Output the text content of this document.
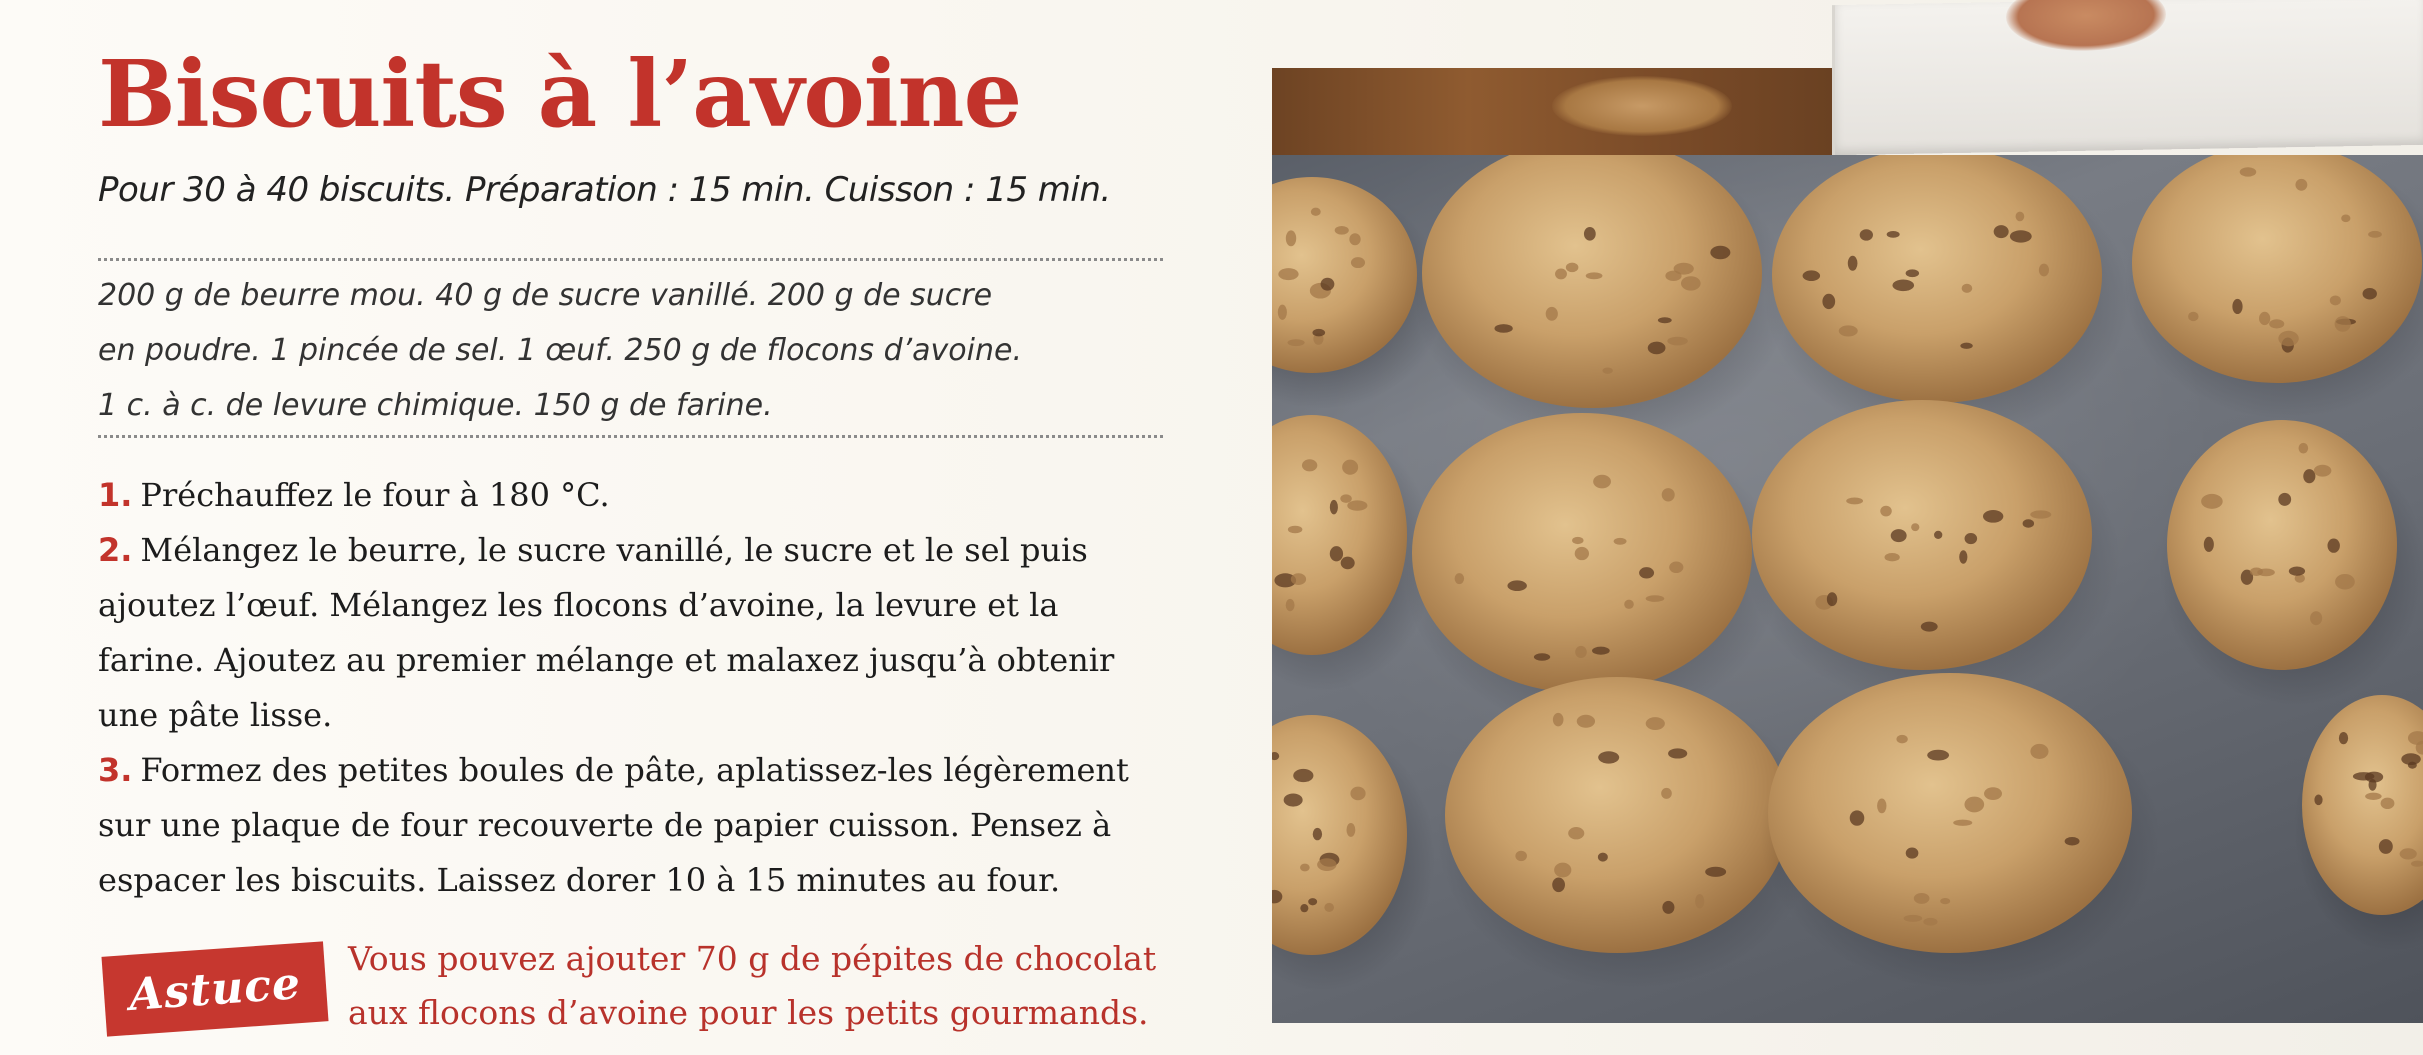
Biscuits à l’avoine
Pour 30 à 40 biscuits. Préparation : 15 min. Cuisson : 15 min.
200 g de beurre mou. 40 g de sucre vanillé. 200 g de sucre
en poudre. 1 pincée de sel. 1 œuf. 250 g de flocons d’avoine.
1 c. à c. de levure chimique. 150 g de farine.
1. Préchauffez le four à 180 °C.
2. Mélangez le beurre, le sucre vanillé, le sucre et le sel puis
ajoutez l’œuf. Mélangez les flocons d’avoine, la levure et la
farine. Ajoutez au premier mélange et malaxez jusqu’à obtenir
une pâte lisse.
3. Formez des petites boules de pâte, aplatissez-les légèrement
sur une plaque de four recouverte de papier cuisson. Pensez à
espacer les biscuits. Laissez dorer 10 à 15 minutes au four.
Astuce Vous pouvez ajouter 70 g de pépites de chocolat
aux flocons d’avoine pour les petits gourmands.
